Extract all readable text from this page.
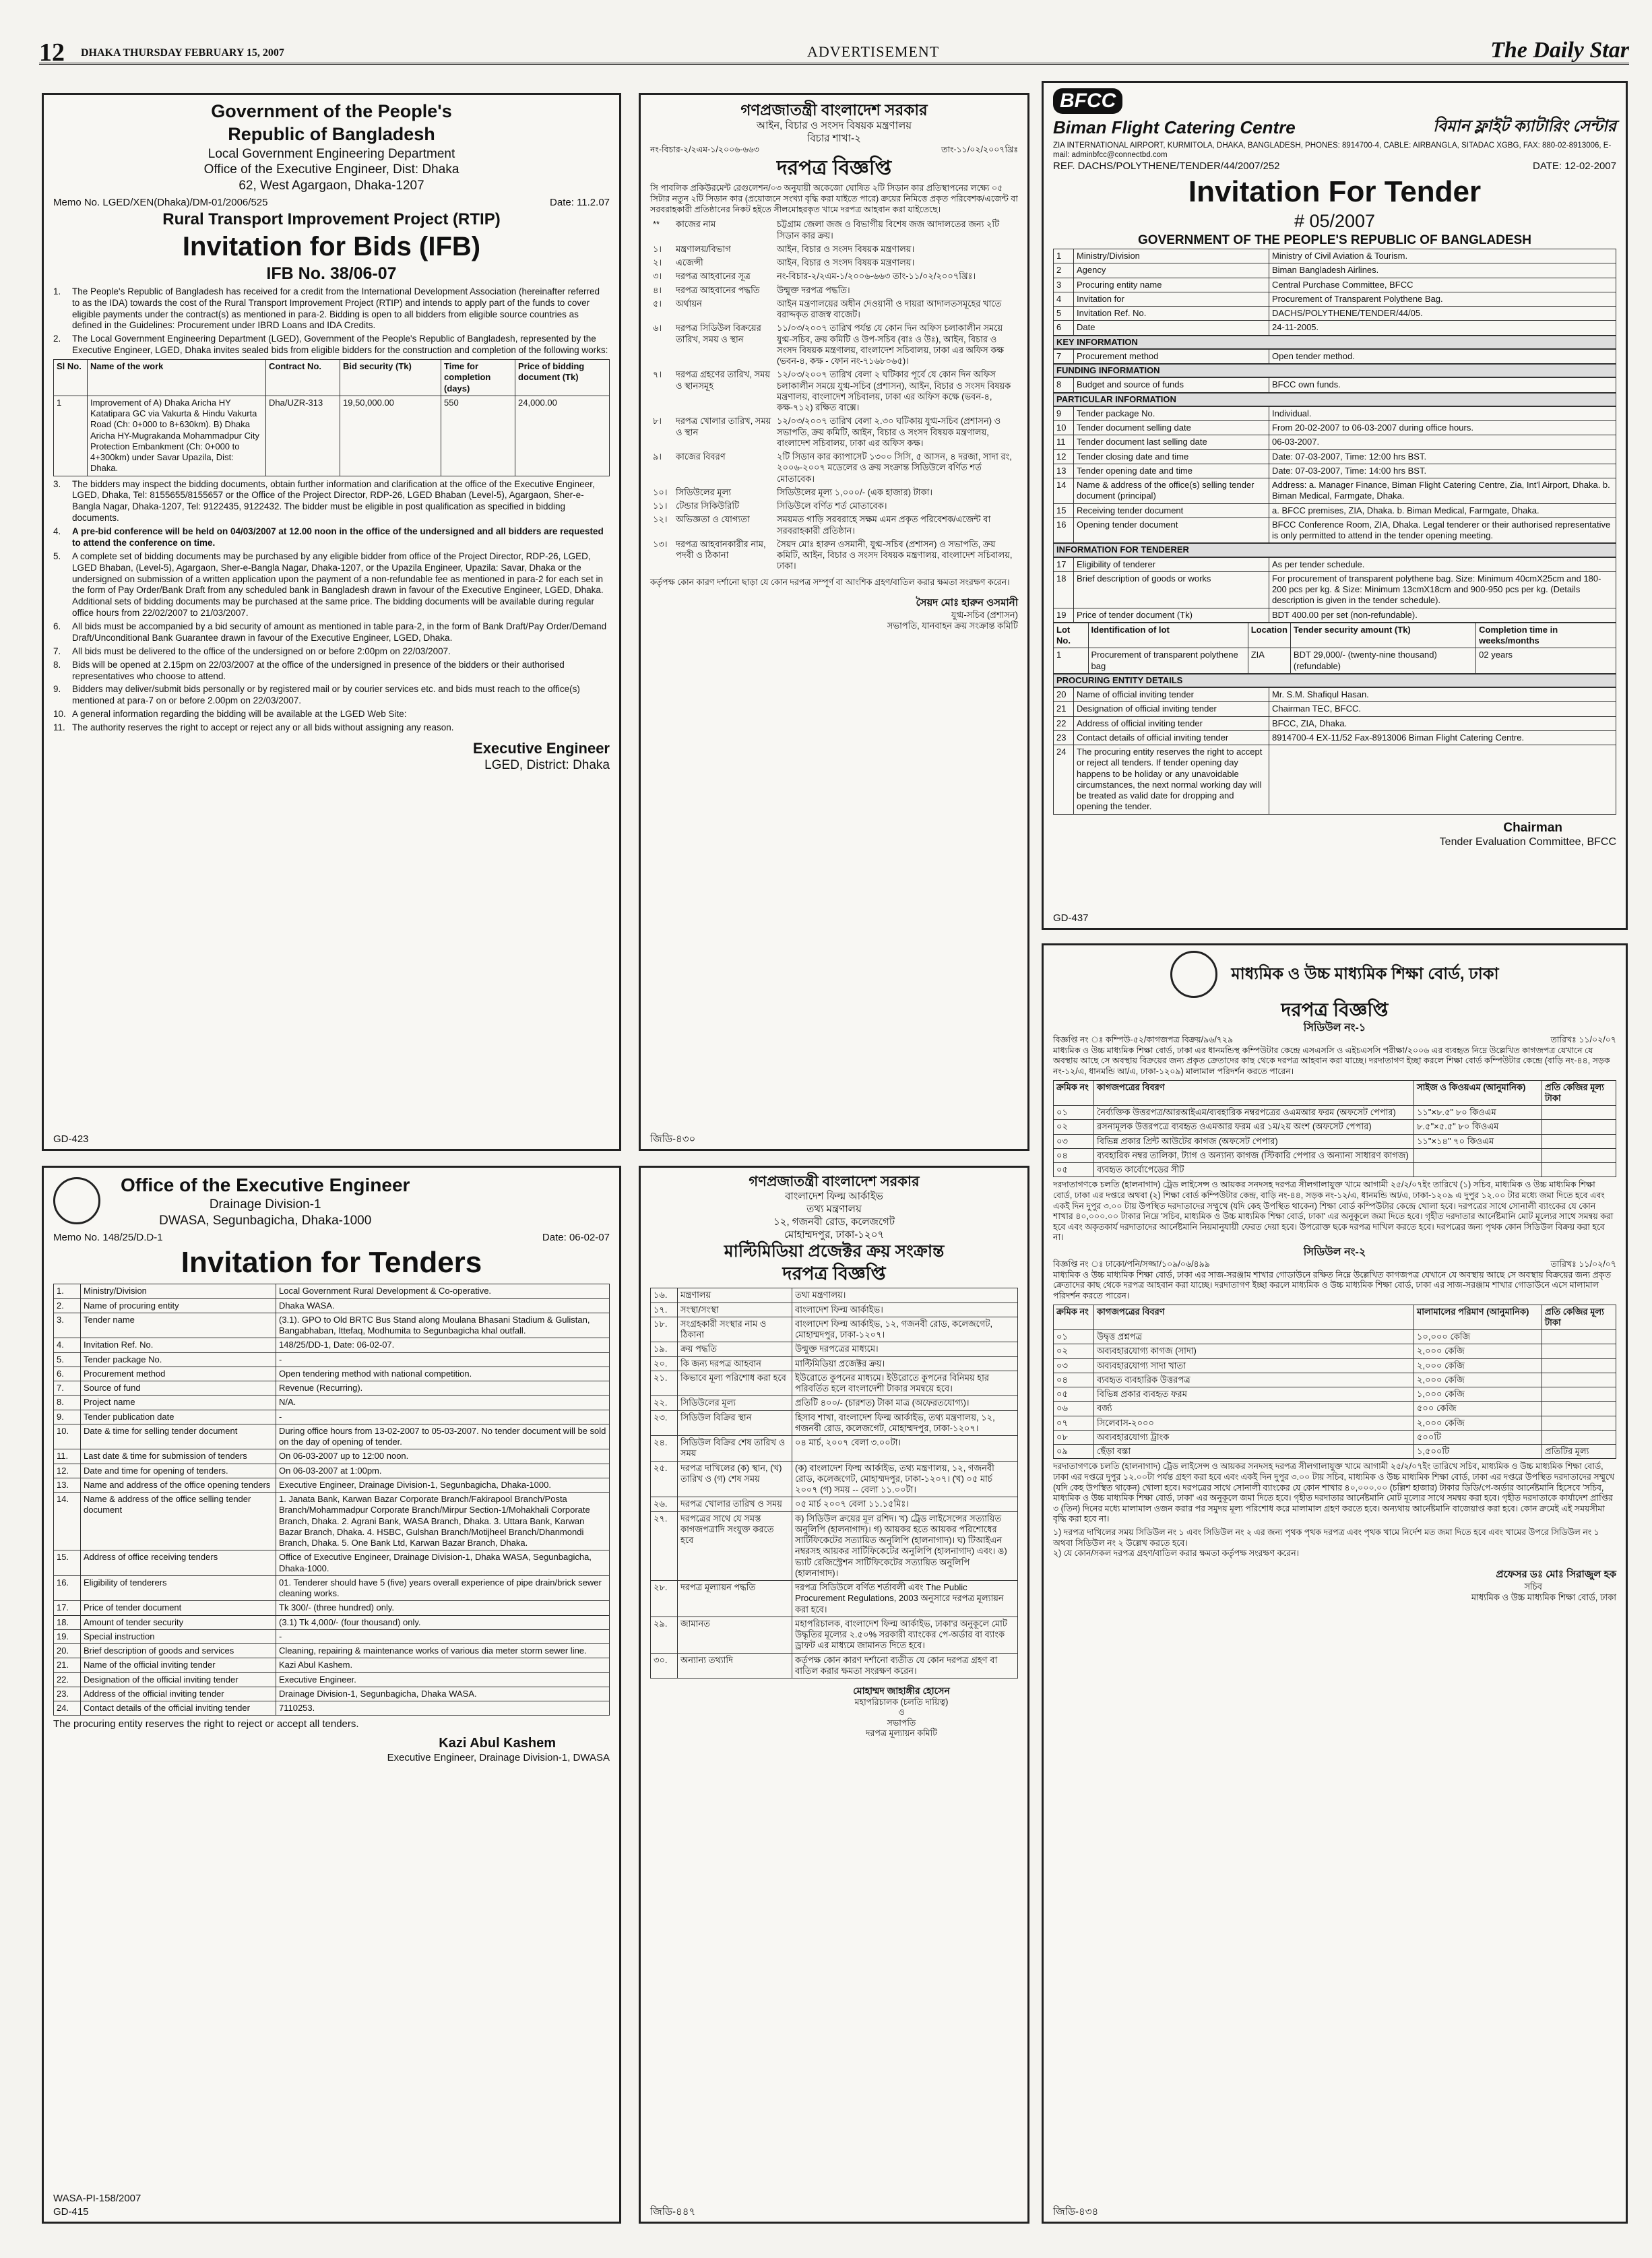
12 DHAKA THURSDAY FEBRUARY 15, 2007	ADVERTISEMENT	The Daily Star
Government of the People's
Republic of Bangladesh
Local Government Engineering Department
Office of the Executive Engineer, Dist: Dhaka
62, West Agargaon, Dhaka-1207
Memo No. LGED/XEN(Dhaka)/DM-01/2006/525	Date: 11.2.07
Rural Transport Improvement Project (RTIP)
Invitation for Bids (IFB)
IFB No. 38/06-07
1.	The People's Republic of Bangladesh has received for a credit from the International Development Association (hereinafter referred to as the IDA) towards the cost of the Rural Transport Improvement Project (RTIP) and intends to apply part of the funds to cover eligible payments under the contract(s) as mentioned in para-2. Bidding is open to all bidders from eligible source countries as defined in the Guidelines: Procurement under IBRD Loans and IDA Credits.
2.	The Local Government Engineering Department (LGED), Government of the People's Republic of Bangladesh, represented by the Executive Engineer, LGED, Dhaka invites sealed bids from eligible bidders for the construction and completion of the following works:
Sl No.	Name of the work	Contract No.	Bid security (Tk)	Time for completion (days)	Price of bidding document (Tk)
1	Improvement of A) Dhaka Aricha HY Katatipara GC via Vakurta & Hindu Vakurta Road (Ch: 0+000 to 8+630km). B) Dhaka Aricha HY-Mugrakanda Mohammadpur City Protection Embankment (Ch: 0+000 to 4+300km) under Savar Upazila, Dist: Dhaka.	Dha/UZR-313	19,50,000.00	550	24,000.00
3.	The bidders may inspect the bidding documents, obtain further information and clarification at the office of the Executive Engineer, LGED, Dhaka, Tel: 8155655/8155657 or the Office of the Project Director, RDP-26, LGED Bhaban (Level-5), Agargaon, Sher-e-Bangla Nagar, Dhaka-1207, Tel: 9122435, 9122432. The bidder must be eligible in post qualification as specified in bidding documents.
4.	A pre-bid conference will be held on 04/03/2007 at 12.00 noon in the office of the undersigned and all bidders are requested to attend the conference on time.
5.	A complete set of bidding documents may be purchased by any eligible bidder from office of the Project Director, RDP-26, LGED, LGED Bhaban, (Level-5), Agargaon, Sher-e-Bangla Nagar, Dhaka-1207, or the Upazila Engineer, Upazila: Savar, Dhaka or the undersigned on submission of a written application upon the payment of a non-refundable fee as mentioned in para-2 for each set in the form of Pay Order/Bank Draft from any scheduled bank in Bangladesh drawn in favour of the Executive Engineer, LGED, Dhaka. Additional sets of bidding documents may be purchased at the same price. The bidding documents will be available during regular office hours from 22/02/2007 to 21/03/2007.
6.	All bids must be accompanied by a bid security of amount as mentioned in table para-2, in the form of Bank Draft/Pay Order/Demand Draft/Unconditional Bank Guarantee drawn in favour of the Executive Engineer, LGED, Dhaka.
7.	All bids must be delivered to the office of the undersigned on or before 2:00pm on 22/03/2007.
8.	Bids will be opened at 2.15pm on 22/03/2007 at the office of the undersigned in presence of the bidders or their authorised representatives who choose to attend.
9.	Bidders may deliver/submit bids personally or by registered mail or by courier services etc. and bids must reach to the office(s) mentioned at para-7 on or before 2.00pm on 22/03/2007.
10. A general information regarding the bidding will be available at the LGED Web Site:
11. The authority reserves the right to accept or reject any or all bids without assigning any reason.
Executive Engineer
LGED, District: Dhaka
GD-423
গণপ্রজাতন্ত্রী বাংলাদেশ সরকার
আইন, বিচার ও সংসদ বিষয়ক মন্ত্রণালয়
বিচার শাখা-২
নং-বিচার-২/২এম-১/২০০৬-৬৬৩	তাং-১১/০২/২০০৭খ্রিঃ
দরপত্র বিজ্ঞপ্তি
সি পাবলিক প্রকিউরমেন্ট রেগুলেশন/০৩ অনুযায়ী অকেজো ঘোষিত ২টি সিডান কার প্রতিস্থাপনের লক্ষ্যে ০৫ সিটার নতুন ২টি সিডান কার (প্রয়োজনে সংখ্যা বৃদ্ধি করা যাইতে পারে) ক্রয়ের নিমিত্তে প্রকৃত পরিবেশক/এজেন্ট বা সরবরাহকারী প্রতিষ্ঠানের নিকট হইতে সীলমোহরকৃত খামে দরপত্র আহবান করা যাইতেছে।
**	কাজের নাম	চট্টগ্রাম জেলা জজ ও বিভাগীয় বিশেষ জজ আদালতের জন্য ২টি সিডান কার ক্রয়।
১।	মন্ত্রণালয়/বিভাগ	আইন, বিচার ও সংসদ বিষয়ক মন্ত্রণালয়।
২।	এজেন্সী	আইন, বিচার ও সংসদ বিষয়ক মন্ত্রণালয়।
৩।	দরপত্র আহবানের সূত্র	নং-বিচার-২/২এম-১/২০০৬-৬৬৩ তাং-১১/০২/২০০৭খ্রিঃ।
৪।	দরপত্র আহবানের পদ্ধতি	উন্মুক্ত দরপত্র পদ্ধতি।
৫।	অর্থায়ন	আইন মন্ত্রণালয়ের অধীন দেওয়ানী ও দায়রা আদালতসমূহের খাতে বরাদ্দকৃত রাজস্ব বাজেট।
৬।	দরপত্র সিডিউল বিক্রয়ের তারিখ, সময় ও স্থান	১১/০৩/২০০৭ তারিখ পর্যন্ত যে কোন দিন অফিস চলাকালীন সময়ে যুগ্ম-সচিব, ক্রয় কমিটি ও উপ-সচিব (বাঃ ও উঃ), আইন, বিচার ও সংসদ বিষয়ক মন্ত্রণালয়, বাংলাদেশ সচিবালয়, ঢাকা এর অফিস কক্ষ (ভবন-৪, কক্ষ - ফোন নং-৭১৬৮০৬৫)।
৭।	দরপত্র গ্রহণের তারিখ, সময় ও স্থানসমূহ	১২/০৩/২০০৭ তারিখ বেলা ২ ঘটিকার পূর্বে যে কোন দিন অফিস চলাকালীন সময়ে যুগ্ম-সচিব (প্রশাসন), আইন, বিচার ও সংসদ বিষয়ক মন্ত্রণালয়, বাংলাদেশ সচিবালয়, ঢাকা এর অফিস কক্ষে (ভবন-৪, কক্ষ-৭১২) রক্ষিত বাক্সে।
৮।	দরপত্র খোলার তারিখ, সময় ও স্থান	১২/০৩/২০০৭ তারিখ বেলা ২.৩০ ঘটিকায় যুগ্ম-সচিব (প্রশাসন) ও সভাপতি, ক্রয় কমিটি, আইন, বিচার ও সংসদ বিষয়ক মন্ত্রণালয়, বাংলাদেশ সচিবালয়, ঢাকা এর অফিস কক্ষ।
৯।	কাজের বিবরণ	২টি সিডান কার ক্যাপাসেট ১৩০০ সিসি, ৫ আসন, ৪ দরজা, সাদা রং, ২০০৬-২০০৭ মডেলের ও ক্রয় সংক্রান্ত সিডিউলে বর্ণিত শর্ত মোতাবেক।
১০।	সিডিউলের মূল্য	সিডিউলের মূল্য ১,০০০/- (এক হাজার) টাকা।
১১।	টেন্ডার সিকিউরিটি	সিডিউলে বর্ণিত শর্ত মোতাবেক।
১২।	অভিজ্ঞতা ও যোগ্যতা	সময়মত গাড়ি সরবরাহে সক্ষম এমন প্রকৃত পরিবেশক/এজেন্ট বা সরবরাহকারী প্রতিষ্ঠান।
১৩।	দরপত্র আহবানকারীর নাম, পদবী ও ঠিকানা	সৈয়দ মোঃ হারুন ওসমানী, যুগ্ম-সচিব (প্রশাসন) ও সভাপতি, ক্রয় কমিটি, আইন, বিচার ও সংসদ বিষয়ক মন্ত্রণালয়, বাংলাদেশ সচিবালয়, ঢাকা।
কর্তৃপক্ষ কোন কারণ দর্শানো ছাড়া যে কোন দরপত্র সম্পূর্ণ বা আংশিক গ্রহণ/বাতিল করার ক্ষমতা সংরক্ষণ করেন।
সৈয়দ মোঃ হারুন ওসমানী
যুগ্ম-সচিব (প্রশাসন)
সভাপতি, যানবাহন ক্রয় সংক্রান্ত কমিটি
জিডি-৪৩০
BFCC
Biman Flight Catering Centre	বিমান ফ্লাইট ক্যাটারিং সেন্টার
ZIA INTERNATIONAL AIRPORT, KURMITOLA, DHAKA, BANGLADESH, PHONES: 8914700-4, CABLE: AIRBANGLA, SITADAC XGBG, FAX: 880-02-8913006, E-mail: adminbfcc@connectbd.com
REF. DACHS/POLYTHENE/TENDER/44/2007/252	DATE: 12-02-2007
Invitation For Tender
# 05/2007
GOVERNMENT OF THE PEOPLE'S REPUBLIC OF BANGLADESH
1	Ministry/Division	Ministry of Civil Aviation & Tourism.
2	Agency	Biman Bangladesh Airlines.
3	Procuring entity name	Central Purchase Committee, BFCC
4	Invitation for	Procurement of Transparent Polythene Bag.
5	Invitation Ref. No.	DACHS/POLYTHENE/TENDER/44/05.
6	Date	24-11-2005.
KEY INFORMATION
7	Procurement method	Open tender method.
FUNDING INFORMATION
8	Budget and source of funds	BFCC own funds.
PARTICULAR INFORMATION
9	Tender package No.	Individual.
10	Tender document selling date	From 20-02-2007 to 06-03-2007 during office hours.
11	Tender document last selling date	06-03-2007.
12	Tender closing date and time	Date: 07-03-2007, Time: 12:00 hrs BST.
13	Tender opening date and time	Date: 07-03-2007, Time: 14:00 hrs BST.
14	Name & address of the office(s) selling tender document (principal)	Address: a. Manager Finance, Biman Flight Catering Centre, Zia, Int'l Airport, Dhaka. b. Biman Medical, Farmgate, Dhaka.
15	Receiving tender document	a. BFCC premises, ZIA, Dhaka. b. Biman Medical, Farmgate, Dhaka.
16	Opening tender document	BFCC Conference Room, ZIA, Dhaka. Legal tenderer or their authorised representative is only permitted to attend in the tender opening meeting.
INFORMATION FOR TENDERER
17	Eligibility of tenderer	As per tender schedule.
18	Brief description of goods or works	For procurement of transparent polythene bag. Size: Minimum 40cmX25cm and 180-200 pcs per kg. & Size: Minimum 13cmX18cm and 900-950 pcs per kg. (Details description is given in the tender schedule).
19	Price of tender document (Tk)	BDT 400.00 per set (non-refundable).
Lot No.	Identification of lot	Location	Tender security amount (Tk)	Completion time in weeks/months
1	Procurement of transparent polythene bag	ZIA	BDT 29,000/- (twenty-nine thousand) (refundable)	02 years
PROCURING ENTITY DETAILS
20	Name of official inviting tender	Mr. S.M. Shafiqul Hasan.
21	Designation of official inviting tender	Chairman TEC, BFCC.
22	Address of official inviting tender	BFCC, ZIA, Dhaka.
23	Contact details of official inviting tender	8914700-4 EX-11/52 Fax-8913006 Biman Flight Catering Centre.
24	The procuring entity reserves the right to accept or reject all tenders. If tender opening day happens to be holiday or any unavoidable circumstances, the next normal working day will be treated as valid date for dropping and opening the tender.	
Chairman
Tender Evaluation Committee, BFCC
GD-437
মাধ্যমিক ও উচ্চ মাধ্যমিক শিক্ষা বোর্ড, ঢাকা
দরপত্র বিজ্ঞপ্তি
সিডিউল নং-১
বিজ্ঞপ্তি নং ঃ কম্পিউ-৫২/কাগজপত্র বিক্রয়/৯৬/৭২৯	তারিখঃ ১১/০২/০৭
মাধ্যমিক ও উচ্চ মাধ্যমিক শিক্ষা বোর্ড, ঢাকা এর ধানমন্ডিস্থ কম্পিউটার কেন্দ্রে এসএসসি ও এইচএসসি পরীক্ষা/২০০৬ এর ব্যবহৃত নিম্নে উল্লেখিত কাগজপত্র যেখানে যে অবস্থায় আছে সে অবস্থায় বিক্রয়ের জন্য প্রকৃত ক্রেতাদের কাছ থেকে দরপত্র আহবান করা যাচ্ছে। দরদাতাগণ ইচ্ছা করলে শিক্ষা বোর্ড কম্পিউটার কেন্দ্রে (বাড়ি নং-৪৪, সড়ক নং-১২/এ, ধানমন্ডি আ/এ, ঢাকা-১২০৯) মালামাল পরিদর্শন করতে পারেন।
ক্রমিক নং	কাগজপত্রের বিবরণ	সাইজ ও কিওয়এম (আনুমানিক)	প্রতি কেজির মূল্য টাকা
০১	নৈর্ব্যক্তিক উত্তরপত্র/আরআইএম/ব্যবহারিক নম্বরপত্রের ওএমআর ফরম (অফসেট পেপার)	১১"×৮.৫" ৮০ কিওএম	
০২	রসনামূলক উত্তরপত্রে ব্যবহৃত ওএমআর ফরম এর ১ম/২য় অংশ (অফসেট পেপার)	৮.৫"×৫.৫" ৮০ কিওএম	
০৩	বিভিন্ন প্রকার প্রিন্ট আউটের কাগজ (অফসেট পেপার)	১১"×১৪" ৭০ কিওএম	
০৪	ব্যবহারিক নম্বর তালিকা, ট্যাগ ও অন্যান্য কাগজ (স্টিকারি পেপার ও অন্যান্য সাধারণ কাগজ)		
০৫	ব্যবহৃত কার্বোপেডের সীট		
দরদাতাগণকে চলতি (হালনাগাদ) ট্রেড লাইসেন্স ও আয়কর সনদসহ দরপত্র সীলগালাযুক্ত খামে আগামী ২৫/২/০৭ইং তারিখে (১) সচিব, মাধ্যমিক ও উচ্চ মাধ্যমিক শিক্ষা বোর্ড, ঢাকা এর দপ্তরে অথবা (২) শিক্ষা বোর্ড কম্পিউটার কেন্দ্র, বাড়ি নং-৪৪, সড়ক নং-১২/এ, ধানমন্ডি আ/এ, ঢাকা-১২০৯ এ দুপুর ১২.০০ টার মধ্যে জমা দিতে হবে এবং একই দিন দুপুর ৩.০০ টায় উপস্থিত দরদাতাদের সম্মুখে (যদি কেহ উপস্থিত থাকেন) শিক্ষা বোর্ড কম্পিউটার কেন্দ্রে খোলা হবে। দরপত্রের সাথে সোনালী ব্যাংকের যে কোন শাখার ৪০,০০০.০০ টাকার নিম্নে 'সচিব, মাধ্যমিক ও উচ্চ মাধ্যমিক শিক্ষা বোর্ড, ঢাকা' এর অনুকূলে জমা দিতে হবে। গৃহীত দরদাতার আর্নেষ্টমানি মোট মূল্যের সাথে সমন্বয় করা হবে এবং অকৃতকার্য দরদাতাদের আর্নেষ্টমানি নিয়মানুযায়ী ফেরত দেয়া হবে। উপরোক্ত ছকে দরপত্র দাখিল করতে হবে। দরপত্রের জন্য পৃথক কোন সিডিউল বিক্রয় করা হবে না।
সিডিউল নং-২
বিজ্ঞপ্তি নং ঃ ঢাকো/পনি/সজ্জা/১০৯/০৬/৪৯৯	তারিখঃ ১১/০২/০৭
মাধ্যমিক ও উচ্চ মাধ্যমিক শিক্ষা বোর্ড, ঢাকা এর সাজ-সরঞ্জাম শাখার গোডাউনে রক্ষিত নিম্নে উল্লেখিত কাগজপত্র যেখানে যে অবস্থায় আছে সে অবস্থায় বিক্রয়ের জন্য প্রকৃত ক্রেতাদের কাছ থেকে দরপত্র আহবান করা যাচ্ছে। দরদাতাগণ ইচ্ছা করলে মাধ্যমিক ও উচ্চ মাধ্যমিক শিক্ষা বোর্ড, ঢাকা এর সাজ-সরঞ্জাম শাখার গোডাউনে এসে মালামাল পরিদর্শন করতে পারেন।
ক্রমিক নং	কাগজপত্রের বিবরণ	মালামালের পরিমাণ (আনুমানিক)	প্রতি কেজির মূল্য টাকা
০১	উদ্বৃত্ত প্রশ্নপত্র	১০,০০০ কেজি	
০২	অব্যবহারযোগ্য কাগজ (সাদা)	২,০০০ কেজি	
০৩	অব্যবহারযোগ্য সাদা খাতা	২,০০০ কেজি	
০৪	ব্যবহৃত ব্যবহারিক উত্তরপত্র	২,০০০ কেজি	
০৫	বিভিন্ন প্রকার ব্যবহৃত ফরম	১,০০০ কেজি	
০৬	বর্জ্য	৫০০ কেজি	
০৭	সিলেবাস-২০০০	২,০০০ কেজি	
০৮	অব্যবহারযোগ্য ট্রাংক	৫০০টি	
০৯	ছেঁড়া বস্তা	১,৫০০টি	প্রতিটির মূল্য
দরদাতাগণকে চলতি (হালনাগাদ) ট্রেড লাইসেন্স ও আয়কর সনদসহ দরপত্র সীলগালাযুক্ত খামে আগামী ২৫/২/০৭ইং তারিখে সচিব, মাধ্যমিক ও উচ্চ মাধ্যমিক শিক্ষা বোর্ড, ঢাকা এর দপ্তরে দুপুর ১২.০০টা পর্যন্ত গ্রহণ করা হবে এবং একই দিন দুপুর ৩.০০ টায় সচিব, মাধ্যমিক ও উচ্চ মাধ্যমিক শিক্ষা বোর্ড, ঢাকা এর দপ্তরে উপস্থিত দরদাতাদের সম্মুখে (যদি কেহ উপস্থিত থাকেন) খোলা হবে। দরপত্রের সাথে সোনালী ব্যাংকের যে কোন শাখার ৪০,০০০.০০ (চল্লিশ হাজার) টাকার ডিডি/পে-অর্ডার আর্নেষ্টমানি হিসেবে 'সচিব, মাধ্যমিক ও উচ্চ মাধ্যমিক শিক্ষা বোর্ড, ঢাকা' এর অনুকূলে জমা দিতে হবে। গৃহীত দরদাতার আর্নেষ্টমানি মোট মূল্যের সাথে সমন্বয় করা হবে। গৃহীত দরদাতাকে কার্যাদেশ প্রাপ্তির ৩ (তিন) দিনের মধ্যে মালামাল ওজন করার পর সমুদয় মূল্য পরিশোধ করে মালামাল গ্রহণ করতে হবে। অন্যথায় আর্নেষ্টমানি বাজেয়াপ্ত করা হবে। কোন ক্রমেই এই সময়সীমা বৃদ্ধি করা হবে না।
১) দরপত্র দাখিলের সময় সিডিউল নং ১ এবং সিডিউল নং ২ এর জন্য পৃথক পৃথক দরপত্র এবং পৃথক খামে নির্দেশ মত জমা দিতে হবে এবং খামের উপরে সিডিউল নং ১ অথবা সিডিউল নং ২ উল্লেখ করতে হবে।
২) যে কোন/সকল দরপত্র গ্রহণ/বাতিল করার ক্ষমতা কর্তৃপক্ষ সংরক্ষণ করেন।
প্রফেসর ডঃ মোঃ সিরাজুল হক
সচিব
মাধ্যমিক ও উচ্চ মাধ্যমিক শিক্ষা বোর্ড, ঢাকা
জিডি-৪৩৪
Office of the Executive Engineer
Drainage Division-1
DWASA, Segunbagicha, Dhaka-1000
Memo No. 148/25/D.D-1	Date: 06-02-07
Invitation for Tenders
1.	Ministry/Division	Local Government Rural Development & Co-operative.
2.	Name of procuring entity	Dhaka WASA.
3.	Tender name	(3.1). GPO to Old BRTC Bus Stand along Moulana Bhasani Stadium & Gulistan, Bangabhaban, Ittefaq, Modhumita to Segunbagicha khal outfall.
4.	Invitation Ref. No.	148/25/DD-1, Date: 06-02-07.
5.	Tender package No.	-
6.	Procurement method	Open tendering method with national competition.
7.	Source of fund	Revenue (Recurring).
8.	Project name	N/A.
9.	Tender publication date	-
10.	Date & time for selling tender document	During office hours from 13-02-2007 to 05-03-2007. No tender document will be sold on the day of opening of tender.
11.	Last date & time for submission of tenders	On 06-03-2007 up to 12:00 noon.
12.	Date and time for opening of tenders.	On 06-03-2007 at 1:00pm.
13.	Name and address of the office opening tenders	Executive Engineer, Drainage Division-1, Segunbagicha, Dhaka-1000.
14.	Name & address of the office selling tender document	1. Janata Bank, Karwan Bazar Corporate Branch/Fakirapool Branch/Posta Branch/Mohammadpur Corporate Branch/Mirpur Section-1/Mohakhali Corporate Branch, Dhaka. 2. Agrani Bank, WASA Branch, Dhaka. 3. Uttara Bank, Karwan Bazar Branch, Dhaka. 4. HSBC, Gulshan Branch/Motijheel Branch/Dhanmondi Branch, Dhaka. 5. One Bank Ltd, Karwan Bazar Branch, Dhaka.
15.	Address of office receiving tenders	Office of Executive Engineer, Drainage Division-1, Dhaka WASA, Segunbagicha, Dhaka-1000.
16.	Eligibility of tenderers	01. Tenderer should have 5 (five) years overall experience of pipe drain/brick sewer cleaning works.
17.	Price of tender document	Tk 300/- (three hundred) only.
18.	Amount of tender security	(3.1) Tk 4,000/- (four thousand) only.
19.	Special instruction	-
20.	Brief description of goods and services	Cleaning, repairing & maintenance works of various dia meter storm sewer line.
21.	Name of the official inviting tender	Kazi Abul Kashem.
22.	Designation of the official inviting tender	Executive Engineer.
23.	Address of the official inviting tender	Drainage Division-1, Segunbagicha, Dhaka WASA.
24.	Contact details of the official inviting tender	7110253.
The procuring entity reserves the right to reject or accept all tenders.
Kazi Abul Kashem
Executive Engineer, Drainage Division-1, DWASA
WASA-PI-158/2007
GD-415
গণপ্রজাতন্ত্রী বাংলাদেশ সরকার
বাংলাদেশ ফিল্ম আর্কাইভ
তথ্য মন্ত্রণালয়
১২, গজনবী রোড, কলেজগেট
মোহাম্মদপুর, ঢাকা-১২০৭
মাল্টিমিডিয়া প্রজেক্টর ক্রয় সংক্রান্ত
দরপত্র বিজ্ঞপ্তি
১৬.	মন্ত্রণালয়	তথ্য মন্ত্রণালয়।
১৭.	সংস্থা/সংস্থা	বাংলাদেশ ফিল্ম আর্কাইভ।
১৮.	সংগ্রহকারী সংস্থার নাম ও ঠিকানা	বাংলাদেশ ফিল্ম আর্কাইভ, ১২, গজনবী রোড, কলেজগেট, মোহাম্মদপুর, ঢাকা-১২০৭।
১৯.	ক্রয় পদ্ধতি	উন্মুক্ত দরপত্রের মাধ্যমে।
২০.	কি জন্য দরপত্র আহবান	মাল্টিমিডিয়া প্রজেক্টর ক্রয়।
২১.	কিভাবে মূল্য পরিশোধ করা হবে	ইউরোতে কুপনের মাধ্যমে। ইউরোতে কুপনের বিনিময় হার পরিবর্তিত হলে বাংলাদেশী টাকার সমন্বয়ে হবে।
২২.	সিডিউলের মূল্য	প্রতিটি ৪০০/- (চারশত) টাকা মাত্র (অফেরতযোগ্য)।
২৩.	সিডিউল বিক্রির স্থান	হিসাব শাখা, বাংলাদেশ ফিল্ম আর্কাইভ, তথ্য মন্ত্রণালয়, ১২, গজনবী রোড, কলেজগেট, মোহাম্মদপুর, ঢাকা-১২০৭।
২৪.	সিডিউল বিক্রির শেষ তারিখ ও সময়	০৪ মার্চ, ২০০৭ বেলা ৩.০০টা।
২৫.	দরপত্র দাখিলের (ক) স্থান, (খ) তারিখ ও (গ) শেষ সময়	(ক) বাংলাদেশ ফিল্ম আর্কাইভ, তথ্য মন্ত্রণালয়, ১২, গজনবী রোড, কলেজগেট, মোহাম্মদপুর, ঢাকা-১২০৭। (খ) ০৫ মার্চ ২০০৭ (গ) সময় -- বেলা ১১.০০টা।
২৬.	দরপত্র খোলার তারিখ ও সময়	০৫ মার্চ ২০০৭ বেলা ১১.১৫মিঃ।
২৭.	দরপত্রের সাথে যে সমস্ত কাগজপত্রাদি সংযুক্ত করতে হবে	ক) সিডিউল ক্রয়ের মূল রশিদ। খ) ট্রেড লাইসেন্সের সত্যায়িত অনুলিপি (হালনাগাদ)। গ) আয়কর হতে আয়কর পরিশোধের সার্টিফিকেটের সত্যায়িত অনুলিপি (হালনাগাদ)। ঘ) টিআইএন নম্বরসহ আয়কর সার্টিফিকেটের অনুলিপি (হালনাগাদ) এবং। ঙ) ভ্যাট রেজিস্ট্রেশন সার্টিফিকেটের সত্যায়িত অনুলিপি (হালনাগাদ)।
২৮.	দরপত্র মূল্যায়ন পদ্ধতি	দরপত্র সিডিউলে বর্ণিত শর্তাবলী এবং The Public Procurement Regulations, 2003 অনুসারে দরপত্র মূল্যায়ন করা হবে।
২৯.	জামানত	মহাপরিচালক, বাংলাদেশ ফিল্ম আর্কাইভ, ঢাকা'র অনুকূলে মোট উদ্ধৃতির মূল্যের ২.৫০% সরকারী ব্যাংকের পে-অর্ডার বা ব্যাংক ড্রাফট এর মাধ্যমে জামানত দিতে হবে।
৩০.	অন্যান্য তথ্যাদি	কর্তৃপক্ষ কোন কারণ দর্শানো ব্যতীত যে কোন দরপত্র গ্রহণ বা বাতিল করার ক্ষমতা সংরক্ষণ করেন।
মোহাম্মদ জাহাঙ্গীর হোসেন
মহাপরিচালক (চলতি দায়িত্ব)
ও
সভাপতি
দরপত্র মূল্যায়ন কমিটি
জিডি-৪৪৭
